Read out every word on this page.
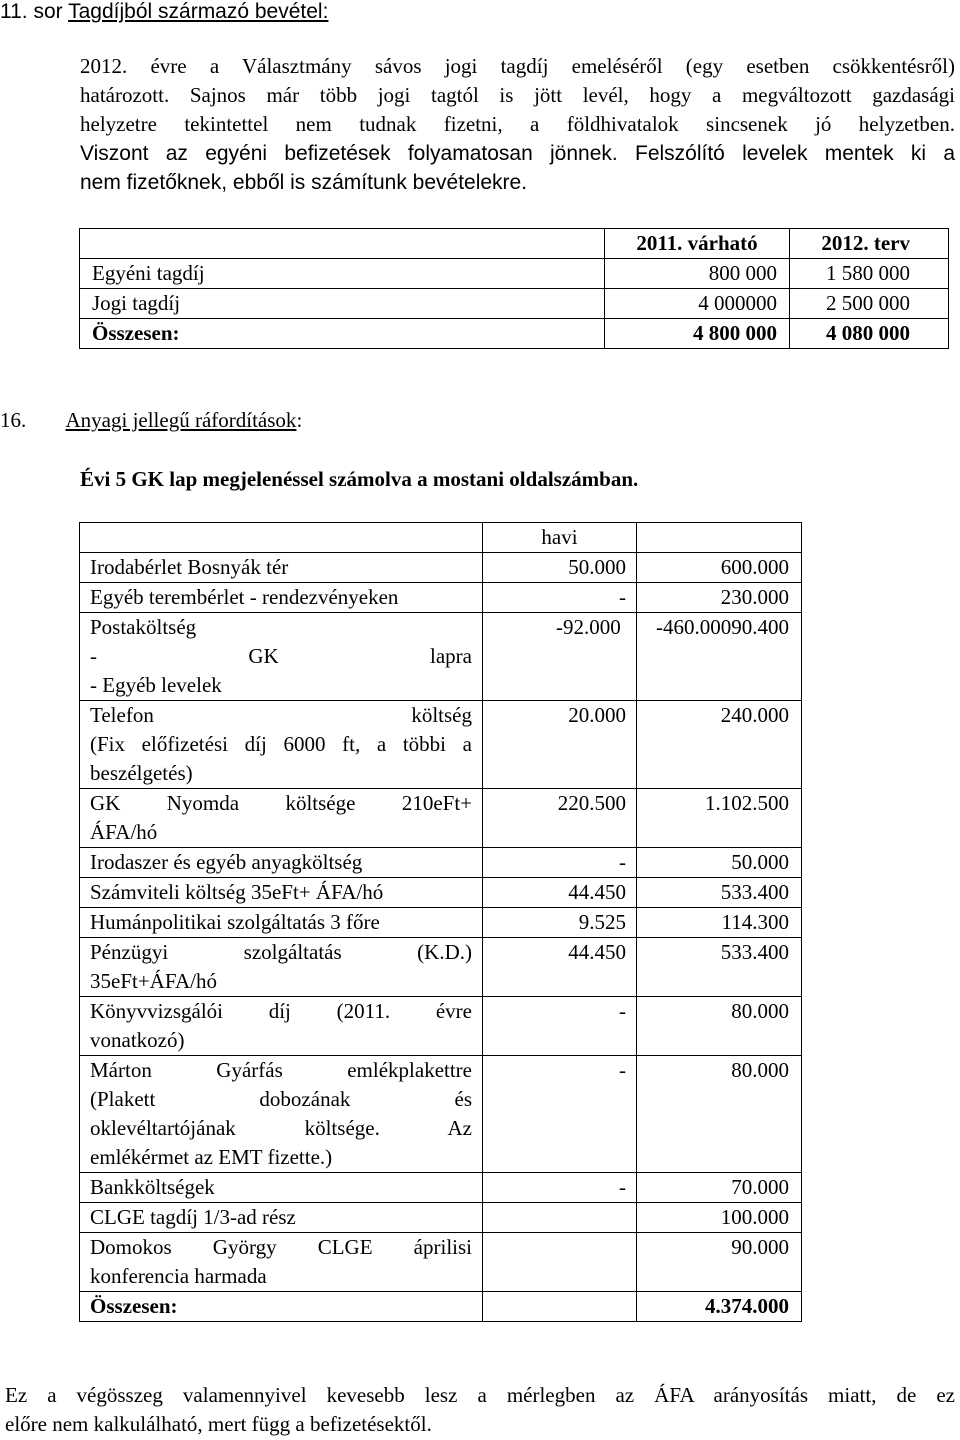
11. sor Tagdíjból származó bevétel:

2012. évre a Választmány sávos jogi tagdíj emeléséről (egy esetben csökkentésről)

határozott. Sajnos már több jogi tagtól is jött levél, hogy a megváltozott gazdasági

helyzetre tekintettel nem tudnak fizetni, a földhivatalok sincsenek jó helyzetben.

Viszont az egyéni befizetések folyamatosan jönnek. Felszólító levelek mentek ki a

nem fizetőknek, ebből is számítunk bevételekre.

	2011. várható	2012. terv
Egyéni tagdíj	800 000	1 580 000
Jogi tagdíj	4 000000	2 500 000
Összesen:	4 800 000	4 080 000
16. Anyagi jellegű ráfordítások:
Évi 5 GK lap megjelenéssel számolva a mostani oldalszámban.
	havi	

Irodabérlet Bosnyák tér	50.000	600.000

Egyéb terembérlet - rendezvényeken	-	230.000

Postaköltség
- GK lapra
- Egyéb levelek	-92.000	-460.00090.400

Telefon költség
(Fix előfizetési díj 6000 ft, a többi a
beszélgetés)	20.000	240.000

GK Nyomda költsége 210eFt+
ÁFA/hó	220.500	1.102.500

Irodaszer és egyéb anyagköltség	-	50.000

Számviteli költség 35eFt+ ÁFA/hó	44.450	533.400

Humánpolitikai szolgáltatás 3 főre	9.525	114.300

Pénzügyi szolgáltatás (K.D.)
35eFt+ÁFA/hó	44.450	533.400

Könyvvizsgálói díj (2011. évre
vonatkozó)	-	80.000

Márton Gyárfás emlékplakettre
(Plakett dobozának és
oklevéltartójának költsége. Az
emlékérmet az EMT fizette.)	-	80.000

Bankköltségek	-	70.000

CLGE tagdíj 1/3-ad rész		100.000

Domokos György CLGE áprilisi
konferencia harmada		90.000
Összesen:		4.374.000

Ez a végösszeg valamennyivel kevesebb lesz a mérlegben az ÁFA arányosítás miatt, de ez

előre nem kalkulálható, mert függ a befizetésektől.
